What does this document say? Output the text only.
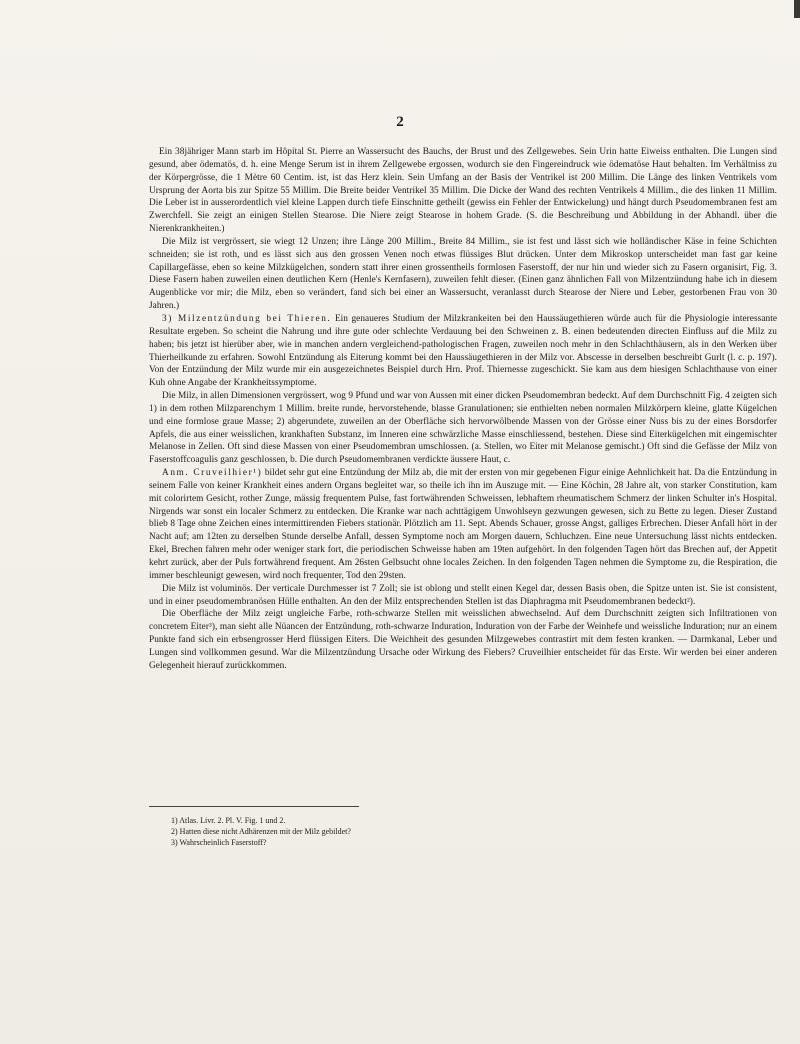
2

Ein 38jähriger Mann starb im Hôpital St. Pierre an Wassersucht des Bauchs, der Brust und des Zellgewebes. Sein Urin hatte Eiweiss enthalten. Die Lungen sind gesund, aber ödematös, d. h. eine Menge Serum ist in ihrem Zellgewebe ergossen, wodurch sie den Fingereindruck wie ödematöse Haut behalten. Im Verhältniss zu der Körpergrösse, die 1 Mètre 60 Centim. ist, ist das Herz klein. Sein Umfang an der Basis der Ventrikel ist 200 Millim. Die Länge des linken Ventrikels vom Ursprung der Aorta bis zur Spitze 55 Millim. Die Breite beider Ventrikel 35 Millim. Die Dicke der Wand des rechten Ventrikels 4 Millim., die des linken 11 Millim. Die Leber ist in ausserordentlich viel kleine Lappen durch tiefe Einschnitte getheilt (gewiss ein Fehler der Entwickelung) und hängt durch Pseudomembranen fest am Zwerchfell. Sie zeigt an einigen Stellen Stearose. Die Niere zeigt Stearose in hohem Grade. (S. die Beschreibung und Abbildung in der Abhandl. über die Nierenkrankheiten.)

Die Milz ist vergrössert, sie wiegt 12 Unzen; ihre Länge 200 Millim., Breite 84 Millim., sie ist fest und lässt sich wie holländischer Käse in feine Schichten schneiden; sie ist roth, und es lässt sich aus den grossen Venen noch etwas flüssiges Blut drücken. Unter dem Mikroskop unterscheidet man fast gar keine Capillargefässe, eben so keine Milzkügelchen, sondern statt ihrer einen grossentheils formlosen Faserstoff, der nur hin und wieder sich zu Fasern organisirt, Fig. 3. Diese Fasern haben zuweilen einen deutlichen Kern (Henle's Kernfasern), zuweilen fehlt dieser. (Einen ganz ähnlichen Fall von Milzentzündung habe ich in diesem Augenblicke vor mir; die Milz, eben so verändert, fand sich bei einer an Wassersucht, veranlasst durch Stearose der Niere und Leber, gestorbenen Frau von 30 Jahren.)

3) Milzentzündung bei Thieren. Ein genaueres Studium der Milzkrankeiten bei den Haussäugethieren würde auch für die Physiologie interessante Resultate ergeben. So scheint die Nahrung und ihre gute oder schlechte Verdauung bei den Schweinen z. B. einen bedeutenden directen Einfluss auf die Milz zu haben; bis jetzt ist hierüber aber, wie in manchen andern vergleichend-pathologischen Fragen, zuweilen noch mehr in den Schlachthäusern, als in den Werken über Thierheilkunde zu erfahren. Sowohl Entzündung als Eiterung kommt bei den Haussäugethieren in der Milz vor. Abscesse in derselben beschreibt Gurlt (l. c. p. 197). Von der Entzündung der Milz wurde mir ein ausgezeichnetes Beispiel durch Hrn. Prof. Thiernesse zugeschickt. Sie kam aus dem hiesigen Schlachthause von einer Kuh ohne Angabe der Krankheitssymptome.

Die Milz, in allen Dimensionen vergrössert, wog 9 Pfund und war von Aussen mit einer dicken Pseudomembran bedeckt. Auf dem Durchschnitt Fig. 4 zeigten sich 1) in dem rothen Milzparenchym 1 Millim. breite runde, hervorstehende, blasse Granulationen; sie enthielten neben normalen Milzkörpern kleine, glatte Kügelchen und eine formlose graue Masse; 2) abgerundete, zuweilen an der Oberfläche sich hervorwölbende Massen von der Grösse einer Nuss bis zu der eines Borsdorfer Apfels, die aus einer weisslichen, krankhaften Substanz, im Inneren eine schwärzliche Masse einschliessend, bestehen. Diese sind Eiterkügelchen mit eingemischter Melanose in Zellen. Oft sind diese Massen von einer Pseudomembran umschlossen. (a. Stellen, wo Eiter mit Melanose gemischt.) Oft sind die Gefässe der Milz von Faserstoffcoagulis ganz geschlossen, b. Die durch Pseudomembranen verdickte äussere Haut, c.

Anm. Cruveilhier¹) bildet sehr gut eine Entzündung der Milz ab, die mit der ersten von mir gegebenen Figur einige Aehnlichkeit hat. Da die Entzündung in seinem Falle von keiner Krankheit eines andern Organs begleitet war, so theile ich ihn im Auszuge mit. — Eine Köchin, 28 Jahre alt, von starker Constitution, kam mit colorirtem Gesicht, rother Zunge, mässig frequentem Pulse, fast fortwährenden Schweissen, lebhaftem rheumatischem Schmerz der linken Schulter in's Hospital. Nirgends war sonst ein localer Schmerz zu entdecken. Die Kranke war nach achttägigem Unwohlseyn gezwungen gewesen, sich zu Bette zu legen. Dieser Zustand blieb 8 Tage ohne Zeichen eines intermittirenden Fiebers stationär. Plötzlich am 11. Sept. Abends Schauer, grosse Angst, galliges Erbrechen. Dieser Anfall hört in der Nacht auf; am 12ten zu derselben Stunde derselbe Anfall, dessen Symptome noch am Morgen dauern, Schluchzen. Eine neue Untersuchung lässt nichts entdecken. Ekel, Brechen fahren mehr oder weniger stark fort, die periodischen Schweisse haben am 19ten aufgehört. In den folgenden Tagen hört das Brechen auf, der Appetit kehrt zurück, aber der Puls fortwährend frequent. Am 26sten Gelbsucht ohne locales Zeichen. In den folgenden Tagen nehmen die Symptome zu, die Respiration, die immer beschleunigt gewesen, wird noch frequenter, Tod den 29sten.

Die Milz ist voluminös. Der verticale Durchmesser ist 7 Zoll; sie ist oblong und stellt einen Kegel dar, dessen Basis oben, die Spitze unten ist. Sie ist consistent, und in einer pseudomembranösen Hülle enthalten. An den der Milz entsprechenden Stellen ist das Diaphragma mit Pseudomembranen bedeckt²).

Die Oberfläche der Milz zeigt ungleiche Farbe, roth-schwarze Stellen mit weisslichen abwechselnd. Auf dem Durchschnitt zeigten sich Infiltrationen von concretem Eiter³), man sieht alle Nüancen der Entzündung, roth-schwarze Induration, Induration von der Farbe der Weinhefe und weissliche Induration; nur an einem Punkte fand sich ein erbsengrosser Herd flüssigen Eiters. Die Weichheit des gesunden Milzgewebes contrastirt mit dem festen kranken. — Darmkanal, Leber und Lungen sind vollkommen gesund. War die Milzentzündung Ursache oder Wirkung des Fiebers? Cruveilhier entscheidet für das Erste. Wir werden bei einer anderen Gelegenheit hierauf zurückkommen.

1) Atlas. Livr. 2. Pl. V. Fig. 1 und 2.
2) Hatten diese nicht Adhärenzen mit der Milz gebildet?
3) Wahrscheinlich Faserstoff?
